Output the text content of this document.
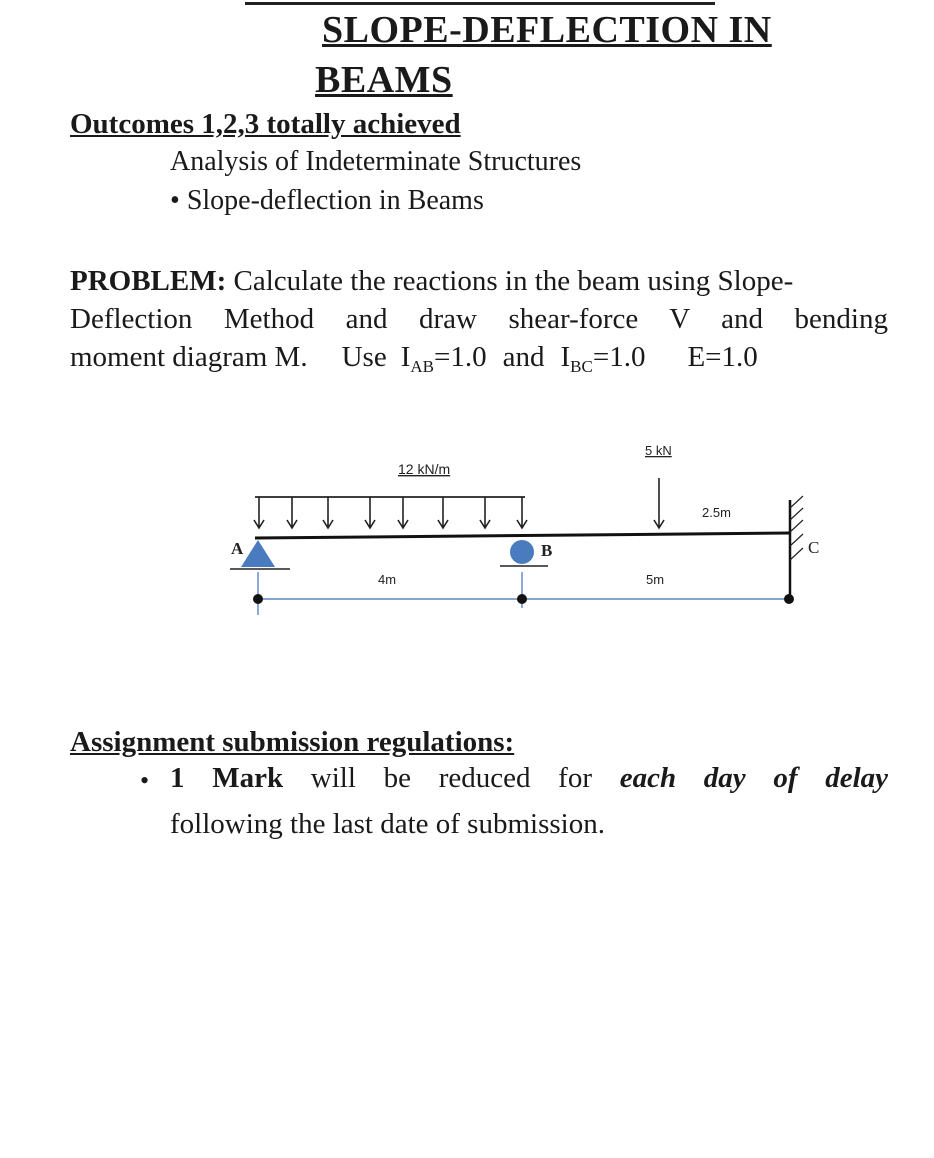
SLOPE-DEFLECTION IN
BEAMS
Outcomes 1,2,3 totally achieved
Analysis of Indeterminate Structures
• Slope-deflection in Beams
PROBLEM: Calculate the reactions in the beam using Slope-
Deflection Method and draw shear-force V and bending
moment diagram M. Use $I_{AB}=1.0$ and $I_{BC}=1.0$ E=1.0
12 kN/m
5 kN
2.5m
A	B	C
4m	5m
Assignment submission regulations:
• 1 Mark will be reduced for each day of delay
following the last date of submission.
